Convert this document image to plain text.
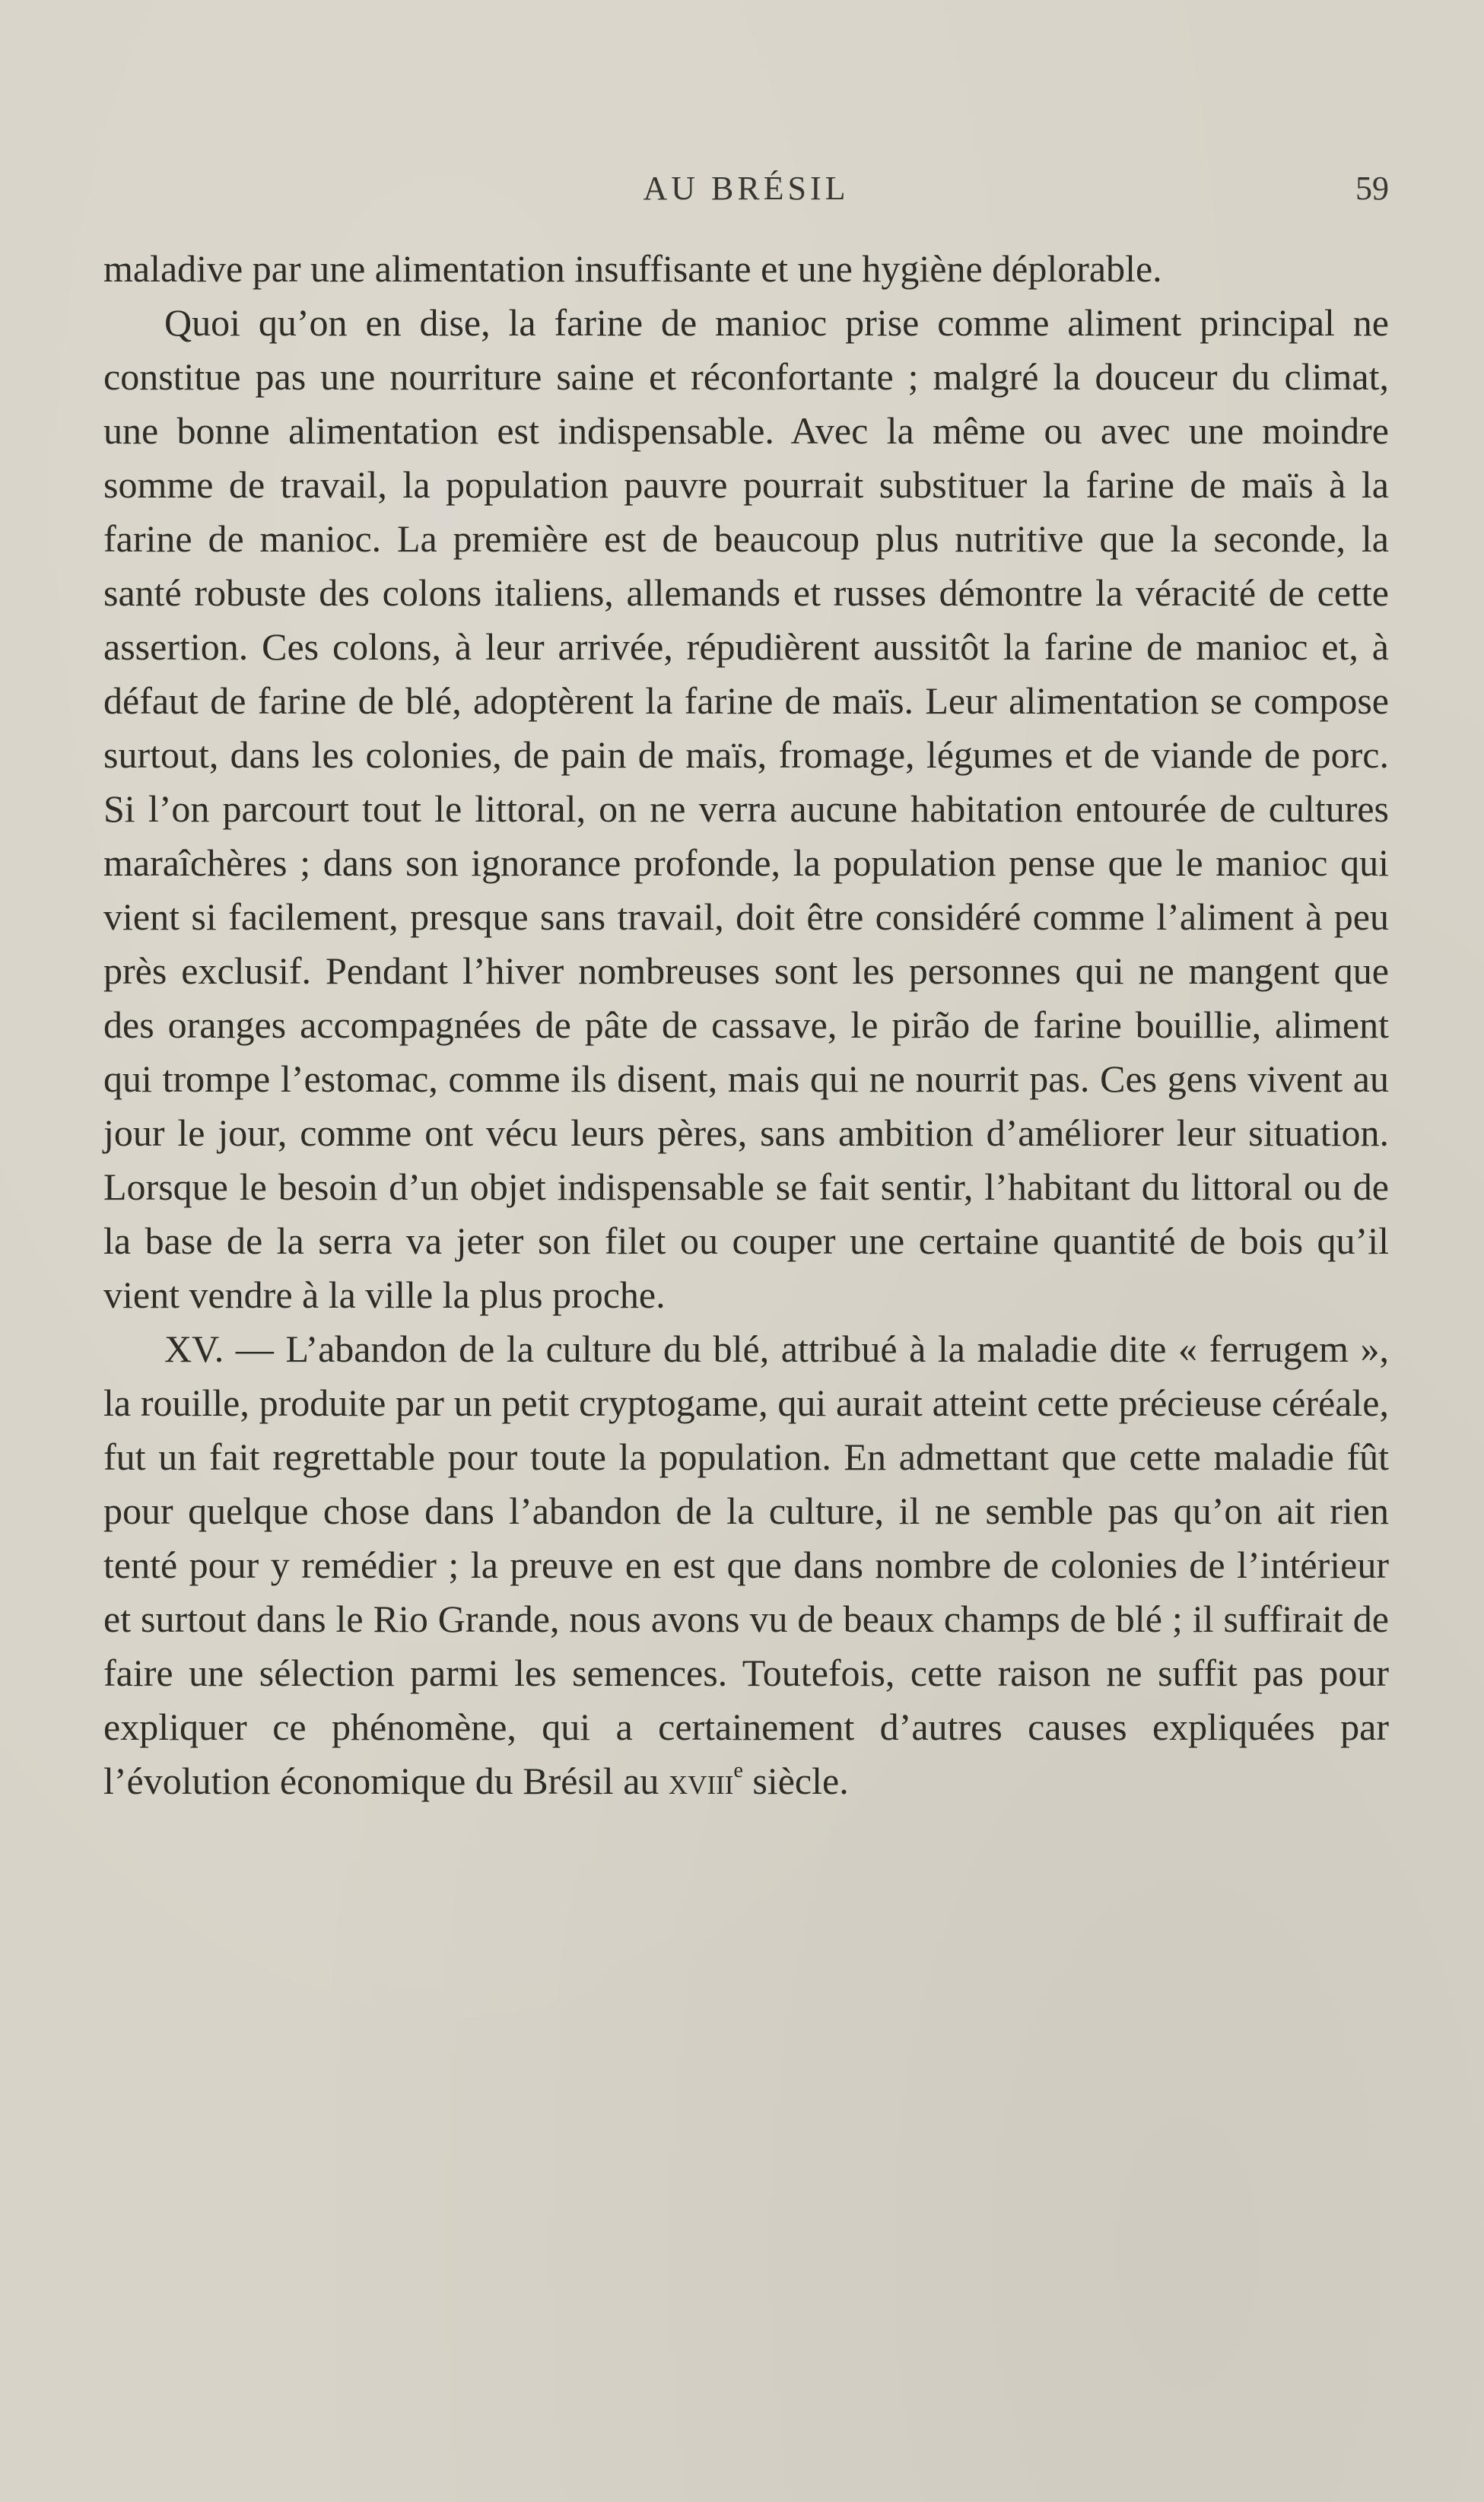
AU BRÉSIL	59

maladive par une alimentation insuffisante et une hygiène déplorable.

Quoi qu’on en dise, la farine de manioc prise comme aliment principal ne constitue pas une nourriture saine et réconfortante ; malgré la douceur du climat, une bonne alimentation est indispensable. Avec la même ou avec une moindre somme de travail, la population pauvre pourrait substituer la farine de maïs à la farine de manioc. La première est de beaucoup plus nutritive que la seconde, la santé robuste des colons italiens, allemands et russes démontre la véracité de cette assertion. Ces colons, à leur arrivée, répudièrent aussitôt la farine de manioc et, à défaut de farine de blé, adoptèrent la farine de maïs. Leur alimentation se compose surtout, dans les colonies, de pain de maïs, fromage, légumes et de viande de porc. Si l’on parcourt tout le littoral, on ne verra aucune habitation entourée de cultures maraîchères ; dans son ignorance profonde, la population pense que le manioc qui vient si facilement, presque sans travail, doit être considéré comme l’aliment à peu près exclusif. Pendant l’hiver nombreuses sont les personnes qui ne mangent que des oranges accompagnées de pâte de cassave, le pirão de farine bouillie, aliment qui trompe l’estomac, comme ils disent, mais qui ne nourrit pas. Ces gens vivent au jour le jour, comme ont vécu leurs pères, sans ambition d’améliorer leur situation. Lorsque le besoin d’un objet indispensable se fait sentir, l’habitant du littoral ou de la base de la serra va jeter son filet ou couper une certaine quantité de bois qu’il vient vendre à la ville la plus proche.

XV. — L’abandon de la culture du blé, attribué à la maladie dite « ferrugem », la rouille, produite par un petit cryptogame, qui aurait atteint cette précieuse céréale, fut un fait regrettable pour toute la population. En admettant que cette maladie fût pour quelque chose dans l’abandon de la culture, il ne semble pas qu’on ait rien tenté pour y remédier ; la preuve en est que dans nombre de colonies de l’intérieur et surtout dans le Rio Grande, nous avons vu de beaux champs de blé ; il suffirait de faire une sélection parmi les semences. Toutefois, cette raison ne suffit pas pour expliquer ce phénomène, qui a certainement d’autres causes expliquées par l’évolution économique du Brésil au xviii$^e$ siècle.
